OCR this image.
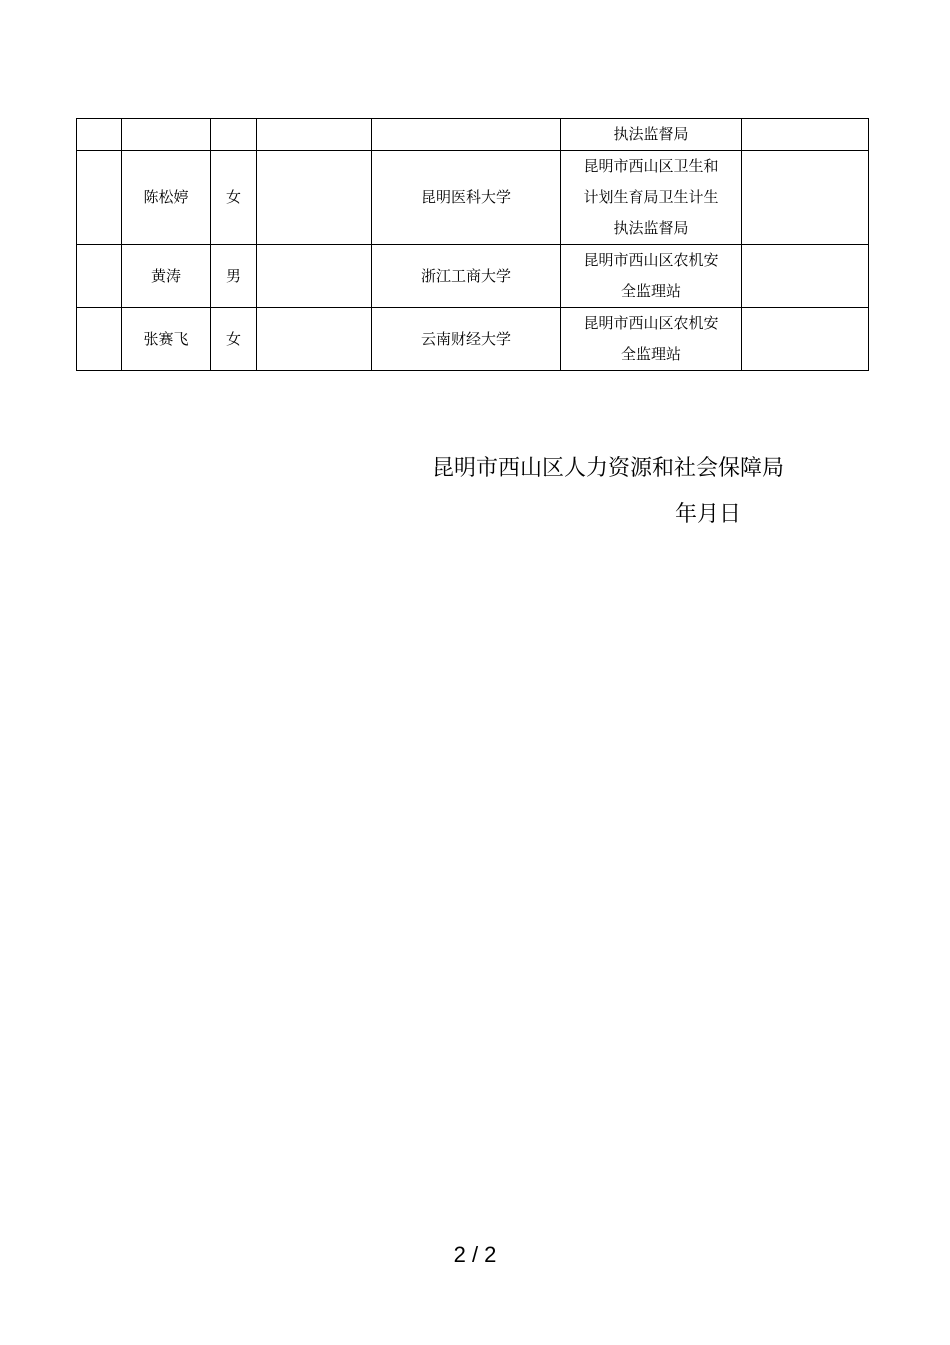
					执法监督局	

	陈松婷	女		昆明医科大学	昆明市西山区卫生和
计划生育局卫生计生
执法监督局	

	黄涛	男		浙江工商大学	昆明市西山区农机安
全监理站	

	张赛飞	女		云南财经大学	昆明市西山区农机安
全监理站	

昆明市西山区人力资源和社会保障局
年月日
2 / 2
